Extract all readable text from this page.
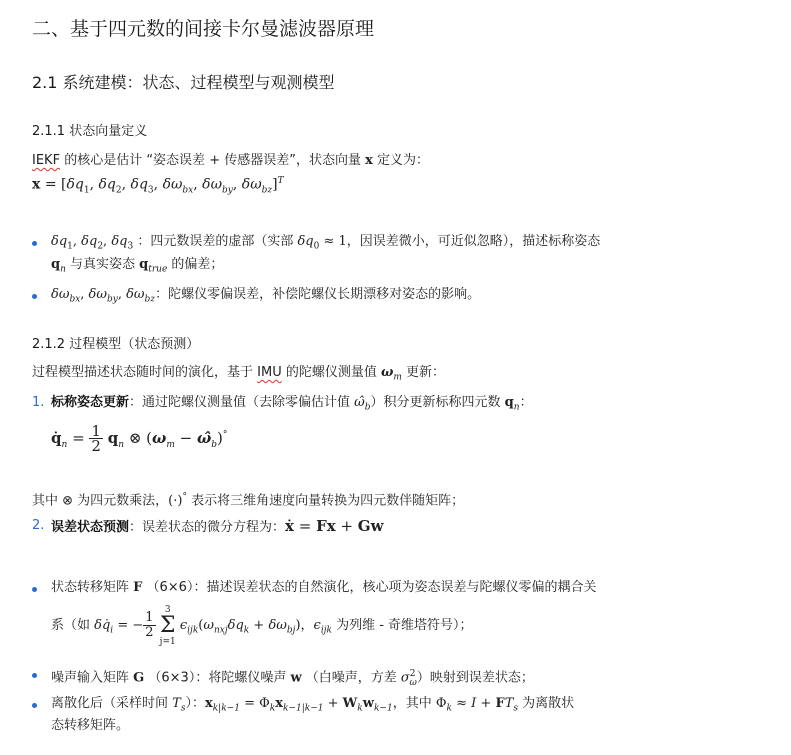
二、基于四元数的间接卡尔曼滤波器原理
2.1 系统建模：状态、过程模型与观测模型
2.1.1 状态向量定义
IEKF 的核心是估计 “姿态误差 + 传感器误差”，状态向量 x 定义为：
$x = [\delta q_1$, $\delta q_2$, $\delta q_3$, $\delta\omega_{bx}$, $\delta\omega_{by}$, $\delta\omega_{bz}]^T$
$\delta q_1$, $\delta q_2$, $\delta q_3$ ：四元数误差的虚部（实部 $\delta q_0 \approx 1$，因误差微小，可近似忽略），描述标称姿态
$q_n$ 与真实姿态 $q_{true}$ 的偏差；
$\delta\omega_{bx}$, $\delta\omega_{by}$, $\delta\omega_{bz}$：陀螺仪零偏误差，补偿陀螺仪长期漂移对姿态的影响。
2.1.2 过程模型（状态预测）
过程模型描述状态随时间的演化，基于 IMU 的陀螺仪测量值 $\omega_m$ 更新：
1. 标称姿态更新：通过陀螺仪测量值（去除零偏估计值 $\omegâ_b$）积分更新标称四元数 $q_n$：
$q̇_n = \frac{1}{2} q_n$ ⊗ ($\omega_m$ − $\omegâ_b)^\circ$
其中 ⊗ 为四元数乘法，(·)° 表示将三维角速度向量转换为四元数伴随矩阵；
2. 误差状态预测：误差状态的微分方程为：ẋ = Fx + Gw
状态转移矩阵 F （6×6）：描述误差状态的自然演化，核心项为姿态误差与陀螺仪零偏的耦合关
系（如 $\delta q̇_i$ = − $\frac{1}{2}$

3
Σ
j=1
$\epsilon_{ijk}(\omega_{nxj}\delta q_k + \delta\omega_{bj})$，$\epsilon_{ijk}$ 为列维 - 奇维塔符号）；
噪声输入矩阵 G （6×3）：将陀螺仪噪声 w （白噪声，方差 $\sigma^2_\omega$）映射到误差状态；
离散化后（采样时间 $T_s$）：$x_{k|k-1} = \Phi_kx_{k-1|k-1} + W_kw_{k-1}$，其中 $\Phi_k \approx I + FT_s$ 为离散状
态转移矩阵。
